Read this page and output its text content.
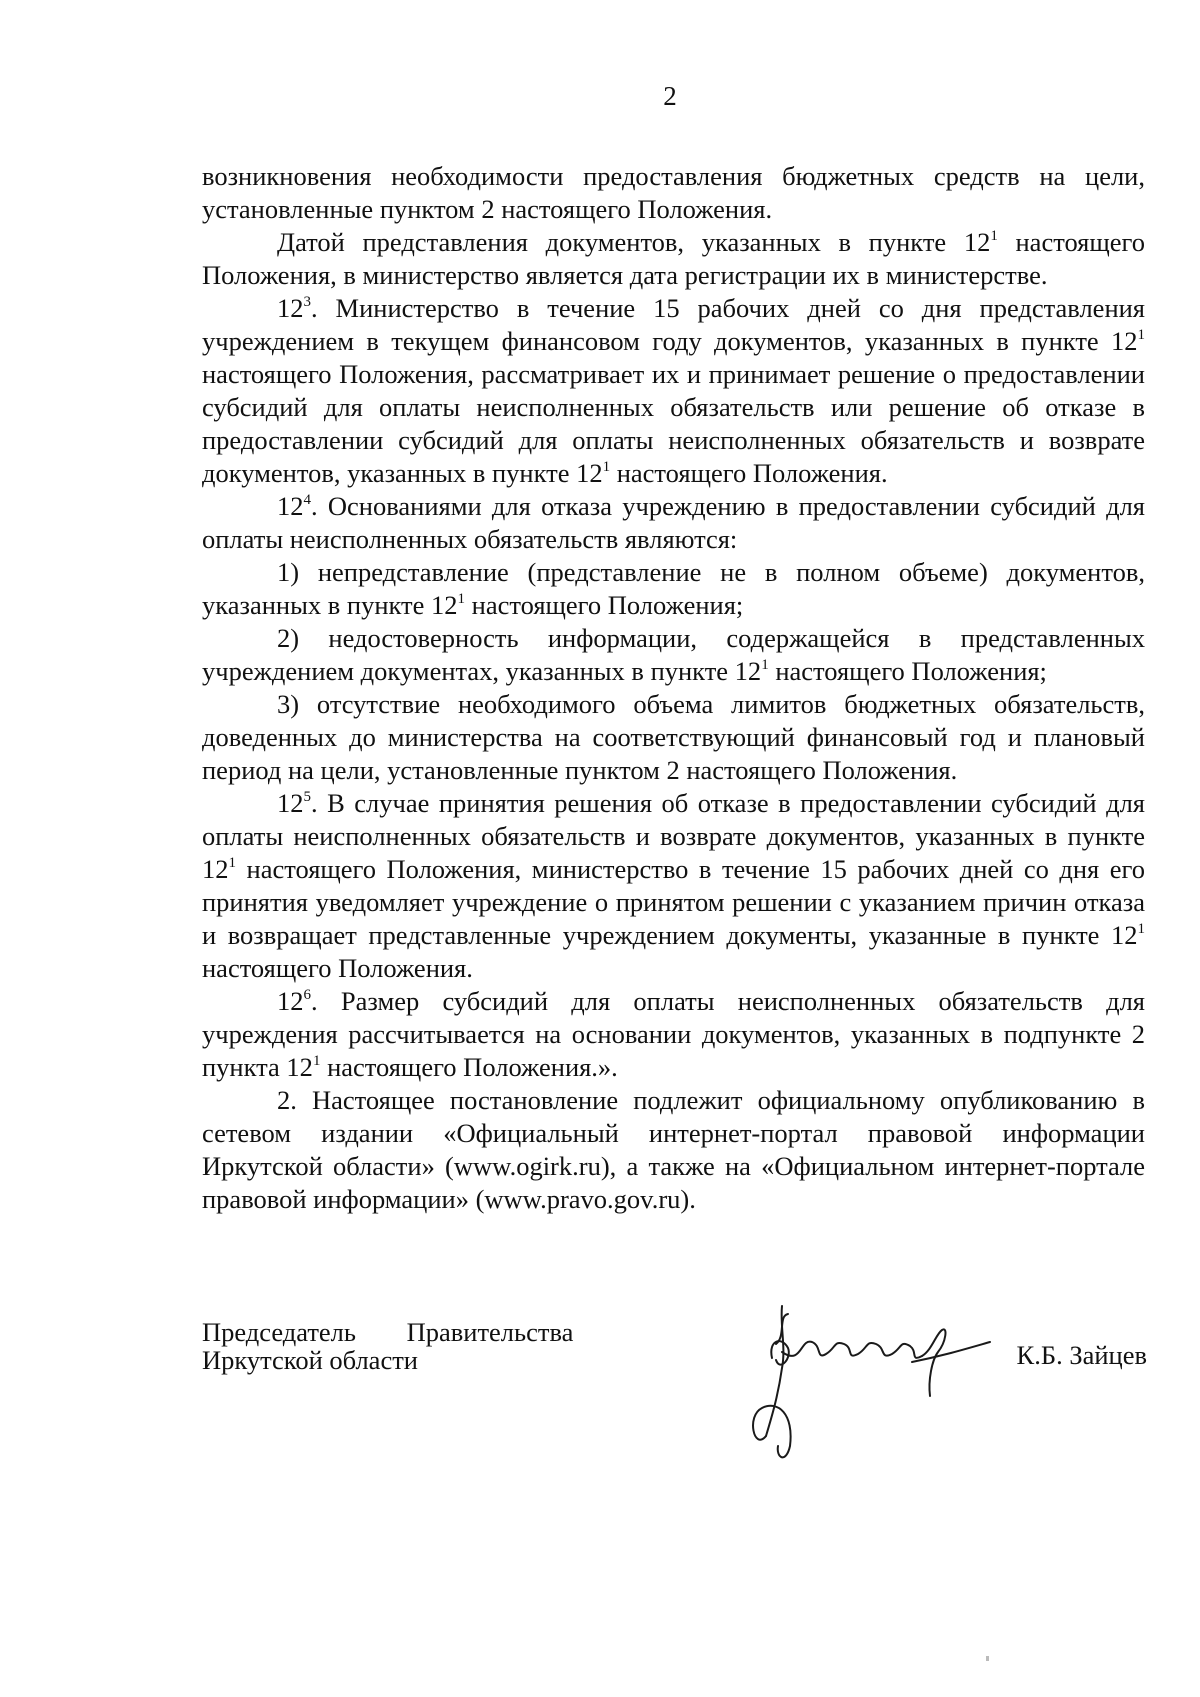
2

возникновения необходимости предоставления бюджетных средств на цели, установленные пунктом 2 настоящего Положения.

Датой представления документов, указанных в пункте $12^1$ настоящего Положения, в министерство является дата регистрации их в министерстве.

$12^3$. Министерство в течение 15 рабочих дней со дня представления учреждением в текущем финансовом году документов, указанных в пункте $12^1$ настоящего Положения, рассматривает их и принимает решение о предоставлении субсидий для оплаты неисполненных обязательств или решение об отказе в предоставлении субсидий для оплаты неисполненных обязательств и возврате документов, указанных в пункте $12^1$ настоящего Положения.

$12^4$. Основаниями для отказа учреждению в предоставлении субсидий для оплаты неисполненных обязательств являются:

1) непредставление (представление не в полном объеме) документов, указанных в пункте $12^1$ настоящего Положения;

2) недостоверность информации, содержащейся в представленных учреждением документах, указанных в пункте $12^1$ настоящего Положения;

3) отсутствие необходимого объема лимитов бюджетных обязательств, доведенных до министерства на соответствующий финансовый год и плановый период на цели, установленные пунктом 2 настоящего Положения.

$12^5$. В случае принятия решения об отказе в предоставлении субсидий для оплаты неисполненных обязательств и возврате документов, указанных в пункте $12^1$ настоящего Положения, министерство в течение 15 рабочих дней со дня его принятия уведомляет учреждение о принятом решении с указанием причин отказа и возвращает представленные учреждением документы, указанные в пункте $12^1$ настоящего Положения.

$12^6$. Размер субсидий для оплаты неисполненных обязательств для учреждения рассчитывается на основании документов, указанных в подпункте 2 пункта $12^1$ настоящего Положения.».

2. Настоящее постановление подлежит официальному опубликованию в сетевом издании «Официальный интернет-портал правовой информации Иркутской области» (www.ogirk.ru), а также на «Официальном интернет-портале правовой информации» (www.pravo.gov.ru).

Председатель Правительства
Иркутской области	К.Б. Зайцев
